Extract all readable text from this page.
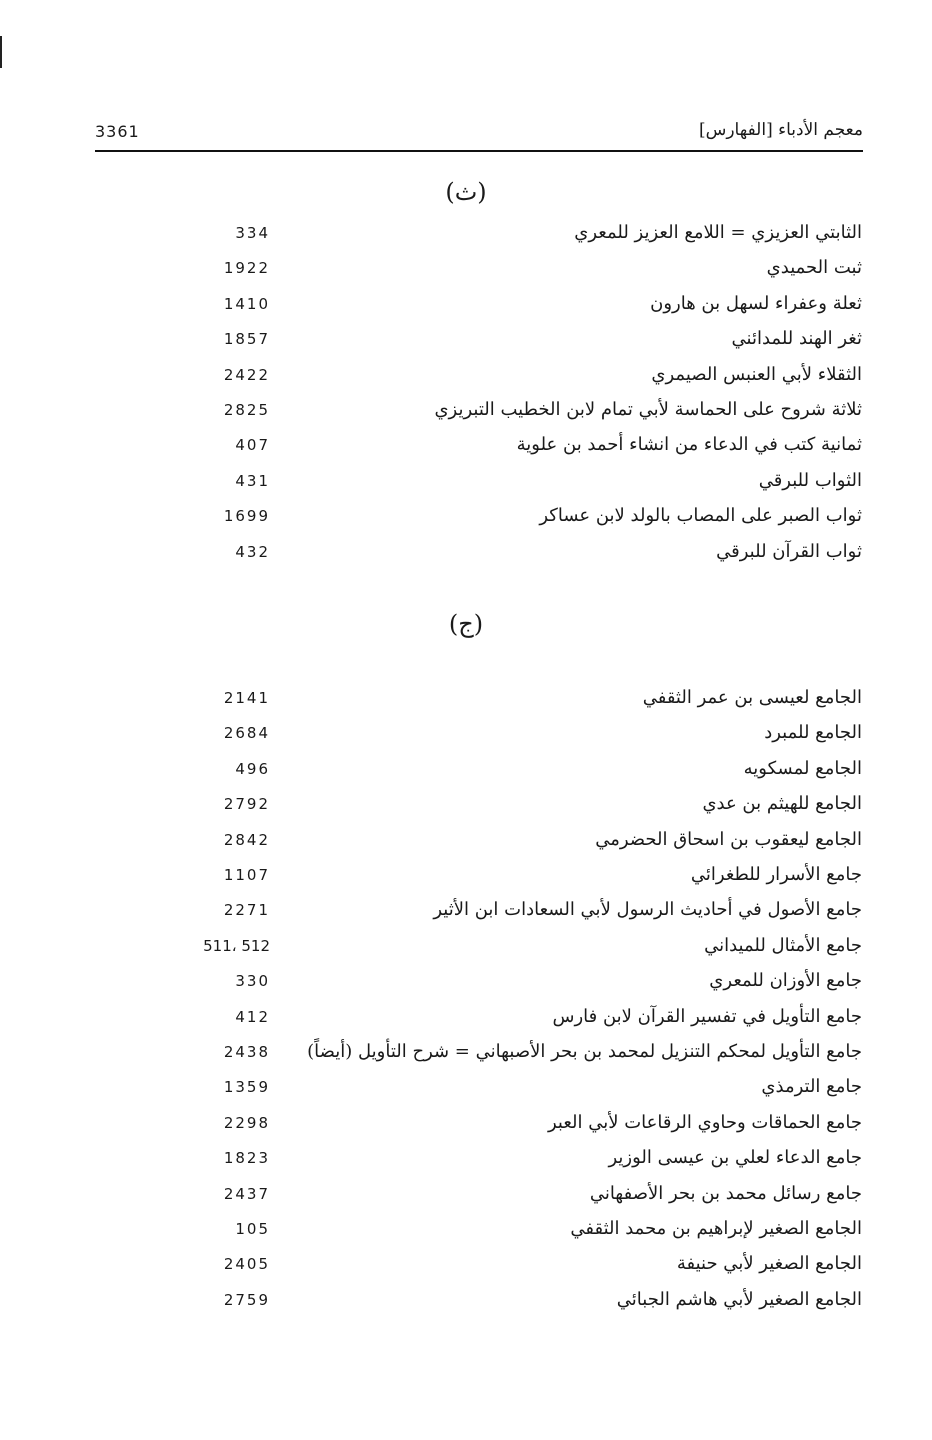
3361	معجم الأدباء [الفهارس]
(ث)
الثابتي العزيزي = اللامع العزيز للمعري
334
ثبت الحميدي
1922
ثعلة وعفراء لسهل بن هارون
1410
ثغر الهند للمدائني
1857
الثقلاء لأبي العنبس الصيمري
2422
ثلاثة شروح على الحماسة لأبي تمام لابن الخطيب التبريزي
2825
ثمانية كتب في الدعاء من انشاء أحمد بن علوية
407
الثواب للبرقي
431
ثواب الصبر على المصاب بالولد لابن عساكر
1699
ثواب القرآن للبرقي
432
(ج)
الجامع لعيسى بن عمر الثقفي
2141
الجامع للمبرد
2684
الجامع لمسكويه
496
الجامع للهيثم بن عدي
2792
الجامع ليعقوب بن اسحاق الحضرمي
2842
جامع الأسرار للطغرائي
1107
جامع الأصول في أحاديث الرسول لأبي السعادات ابن الأثير
2271
جامع الأمثال للميداني
511، 512
جامع الأوزان للمعري
330
جامع التأويل في تفسير القرآن لابن فارس
412
جامع التأويل لمحكم التنزيل لمحمد بن بحر الأصبهاني = شرح التأويل (أيضاً)
2438
جامع الترمذي
1359
جامع الحماقات وحاوي الرقاعات لأبي العبر
2298
جامع الدعاء لعلي بن عيسى الوزير
1823
جامع رسائل محمد بن بحر الأصفهاني
2437
الجامع الصغير لإبراهيم بن محمد الثقفي
105
الجامع الصغير لأبي حنيفة
2405
الجامع الصغير لأبي هاشم الجبائي
2759
